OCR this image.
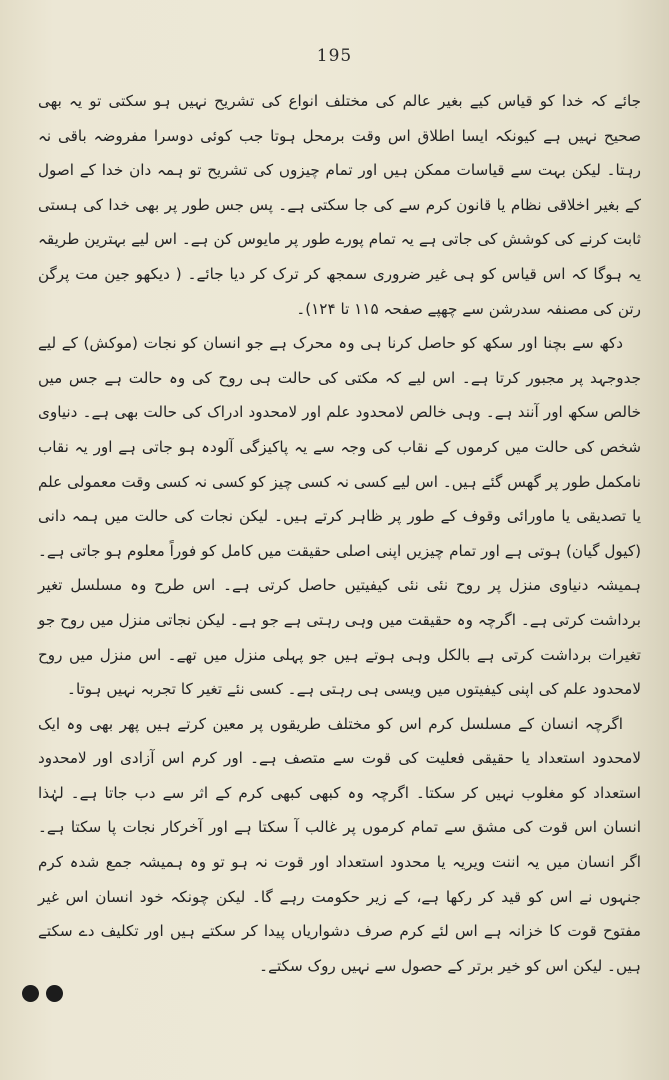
195

جائے کہ خدا کو قیاس کیے بغیر عالم کی مختلف انواع کی تشریح نہیں ہو سکتی تو یہ بھی صحیح نہیں ہے کیونکہ ایسا اطلاق اس وقت برمحل ہوتا جب کوئی دوسرا مفروضہ باقی نہ رہتا۔ لیکن بہت سے قیاسات ممکن ہیں اور تمام چیزوں کی تشریح تو ہمہ دان خدا کے اصول کے بغیر اخلاقی نظام یا قانون کرم سے کی جا سکتی ہے۔ پس جس طور پر بھی خدا کی ہستی ثابت کرنے کی کوشش کی جاتی ہے یہ تمام پورے طور پر مایوس کن ہے۔ اس لیے بہترین طریقہ یہ ہوگا کہ اس قیاس کو ہی غیر ضروری سمجھ کر ترک کر دیا جائے۔ ( دیکھو جین مت پرگن رتن کی مصنفہ سدرشن سے چھپے صفحہ ۱۱۵ تا ۱۲۴)۔

دکھ سے بچنا اور سکھ کو حاصل کرنا ہی وہ محرک ہے جو انسان کو نجات (موکش) کے لیے جدوجہد پر مجبور کرتا ہے۔ اس لیے کہ مکتی کی حالت ہی روح کی وہ حالت ہے جس میں خالص سکھ اور آنند ہے۔ وہی خالص لامحدود علم اور لامحدود ادراک کی حالت بھی ہے۔ دنیاوی شخص کی حالت میں کرموں کے نقاب کی وجہ سے یہ پاکیزگی آلودہ ہو جاتی ہے اور یہ نقاب نامکمل طور پر گھس گئے ہیں۔ اس لیے کسی نہ کسی چیز کو کسی نہ کسی وقت معمولی علم یا تصدیقی یا ماورائی وقوف کے طور پر ظاہر کرتے ہیں۔ لیکن نجات کی حالت میں ہمہ دانی (کیول گیان) ہوتی ہے اور تمام چیزیں اپنی اصلی حقیقت میں کامل کو فوراً معلوم ہو جاتی ہے۔ ہمیشہ دنیاوی منزل پر روح نئی نئی کیفیتیں حاصل کرتی ہے۔ اس طرح وہ مسلسل تغیر برداشت کرتی ہے۔ اگرچہ وہ حقیقت میں وہی رہتی ہے جو ہے۔ لیکن نجاتی منزل میں روح جو تغیرات برداشت کرتی ہے بالکل وہی ہوتے ہیں جو پہلی منزل میں تھے۔ اس منزل میں روح لامحدود علم کی اپنی کیفیتوں میں ویسی ہی رہتی ہے۔ کسی نئے تغیر کا تجربہ نہیں ہوتا۔

اگرچہ انسان کے مسلسل کرم اس کو مختلف طریقوں پر معین کرتے ہیں پھر بھی وہ ایک لامحدود استعداد یا حقیقی فعلیت کی قوت سے متصف ہے۔ اور کرم اس آزادی اور لامحدود استعداد کو مغلوب نہیں کر سکتا۔ اگرچہ وہ کبھی کبھی کرم کے اثر سے دب جاتا ہے۔ لہٰذا انسان اس قوت کی مشق سے تمام کرموں پر غالب آ سکتا ہے اور آخرکار نجات پا سکتا ہے۔ اگر انسان میں یہ اننت ویریہ یا محدود استعداد اور قوت نہ ہو تو وہ ہمیشہ جمع شدہ کرم جنہوں نے اس کو قید کر رکھا ہے، کے زیر حکومت رہے گا۔ لیکن چونکہ خود انسان اس غیر مفتوح قوت کا خزانہ ہے اس لئے کرم صرف دشواریاں پیدا کر سکتے ہیں اور تکلیف دے سکتے ہیں۔ لیکن اس کو خیر برتر کے حصول سے نہیں روک سکتے۔
